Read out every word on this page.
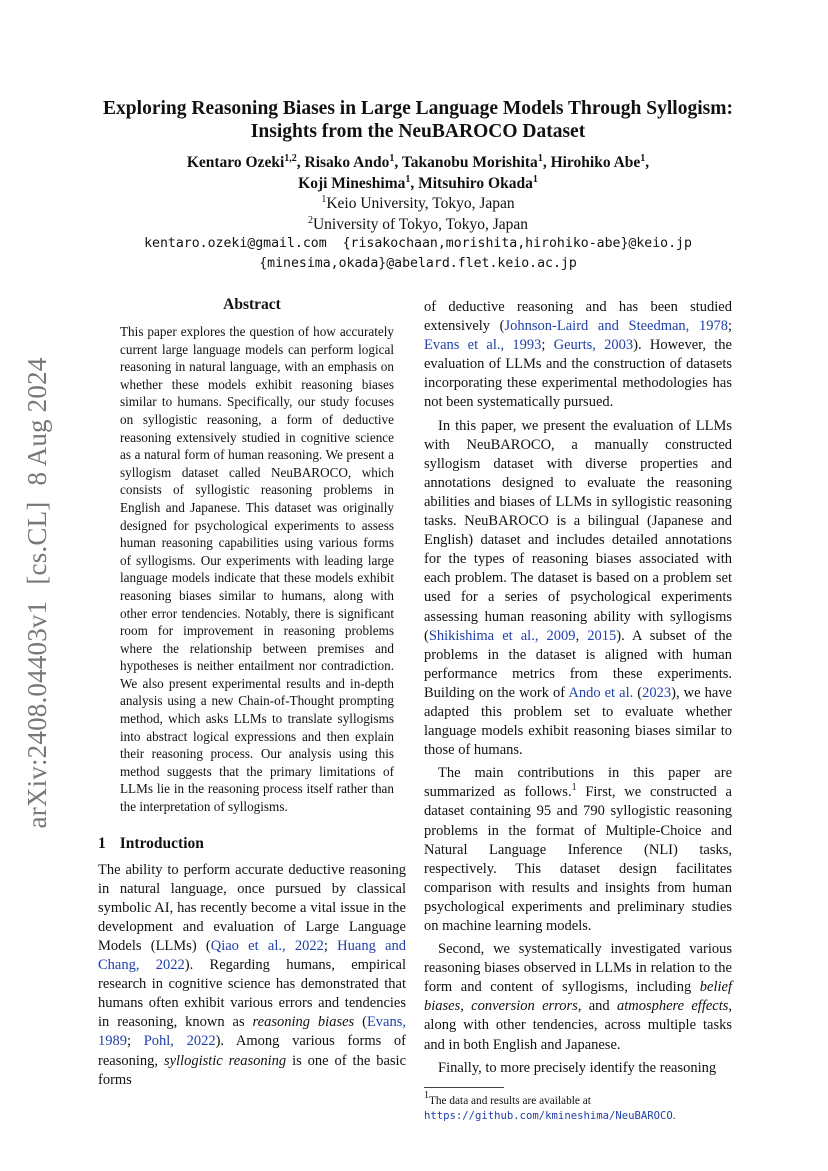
arXiv:2408.04403v1[cs.CL]8 Aug 2024
Exploring Reasoning Biases in Large Language Models Through Syllogism:
Insights from the NeuBAROCO Dataset
Kentaro Ozeki$^{1,2}$, Risako Ando$^1$, Takanobu Morishita$^1$, Hirohiko Abe$^1$,
Koji Mineshima$^1$, Mitsuhiro Okada$^1$
$^1$Keio University, Tokyo, Japan
$^2$University of Tokyo, Tokyo, Japan
kentaro.ozeki@gmail.com  {risakochaan,morishita,hirohiko-abe}@keio.jp
{minesima,okada}@abelard.flet.keio.ac.jp
Abstract
This paper explores the question of how accurately current large language models can perform logical reasoning in natural language, with an emphasis on whether these models exhibit reasoning biases similar to humans. Specifically, our study focuses on syllogistic reasoning, a form of deductive reasoning extensively studied in cognitive science as a natural form of human reasoning. We present a syllogism dataset called NeuBAROCO, which consists of syllogistic reasoning problems in English and Japanese. This dataset was originally designed for psychological experiments to assess human reasoning capabilities using various forms of syllogisms. Our experiments with leading large language models indicate that these models exhibit reasoning biases similar to humans, along with other error tendencies. Notably, there is significant room for improvement in reasoning problems where the relationship between premises and hypotheses is neither entailment nor contradiction. We also present experimental results and in-depth analysis using a new Chain-of-Thought prompting method, which asks LLMs to translate syllogisms into abstract logical expressions and then explain their reasoning process. Our analysis using this method suggests that the primary limitations of LLMs lie in the reasoning process itself rather than the interpretation of syllogisms.
1 Introduction

The ability to perform accurate deductive reasoning in natural language, once pursued by classical symbolic AI, has recently become a vital issue in the development and evaluation of Large Language Models (LLMs) (Qiao et al., 2022; Huang and Chang, 2022). Regarding humans, empirical research in cognitive science has demonstrated that humans often exhibit various errors and tendencies in reasoning, known as reasoning biases (Evans, 1989; Pohl, 2022). Among various forms of reasoning, syllogistic reasoning is one of the basic forms

of deductive reasoning and has been studied extensively (Johnson-Laird and Steedman, 1978; Evans et al., 1993; Geurts, 2003). However, the evaluation of LLMs and the construction of datasets incorporating these experimental methodologies has not been systematically pursued.

In this paper, we present the evaluation of LLMs with NeuBAROCO, a manually constructed syllogism dataset with diverse properties and annotations designed to evaluate the reasoning abilities and biases of LLMs in syllogistic reasoning tasks. NeuBAROCO is a bilingual (Japanese and English) dataset and includes detailed annotations for the types of reasoning biases associated with each problem. The dataset is based on a problem set used for a series of psychological experiments assessing human reasoning ability with syllogisms (Shikishima et al., 2009, 2015). A subset of the problems in the dataset is aligned with human performance metrics from these experiments. Building on the work of Ando et al. (2023), we have adapted this problem set to evaluate whether language models exhibit reasoning biases similar to those of humans.

The main contributions in this paper are summarized as follows.$^1$ First, we constructed a dataset containing 95 and 790 syllogistic reasoning problems in the format of Multiple-Choice and Natural Language Inference (NLI) tasks, respectively. This dataset design facilitates comparison with results and insights from human psychological experiments and preliminary studies on machine learning models.

Second, we systematically investigated various reasoning biases observed in LLMs in relation to the form and content of syllogisms, including belief biases, conversion errors, and atmosphere effects, along with other tendencies, across multiple tasks and in both English and Japanese.

Finally, to more precisely identify the reasoning

$^1$The data and results are available at https://github.com/kmineshima/NeuBAROCO.
